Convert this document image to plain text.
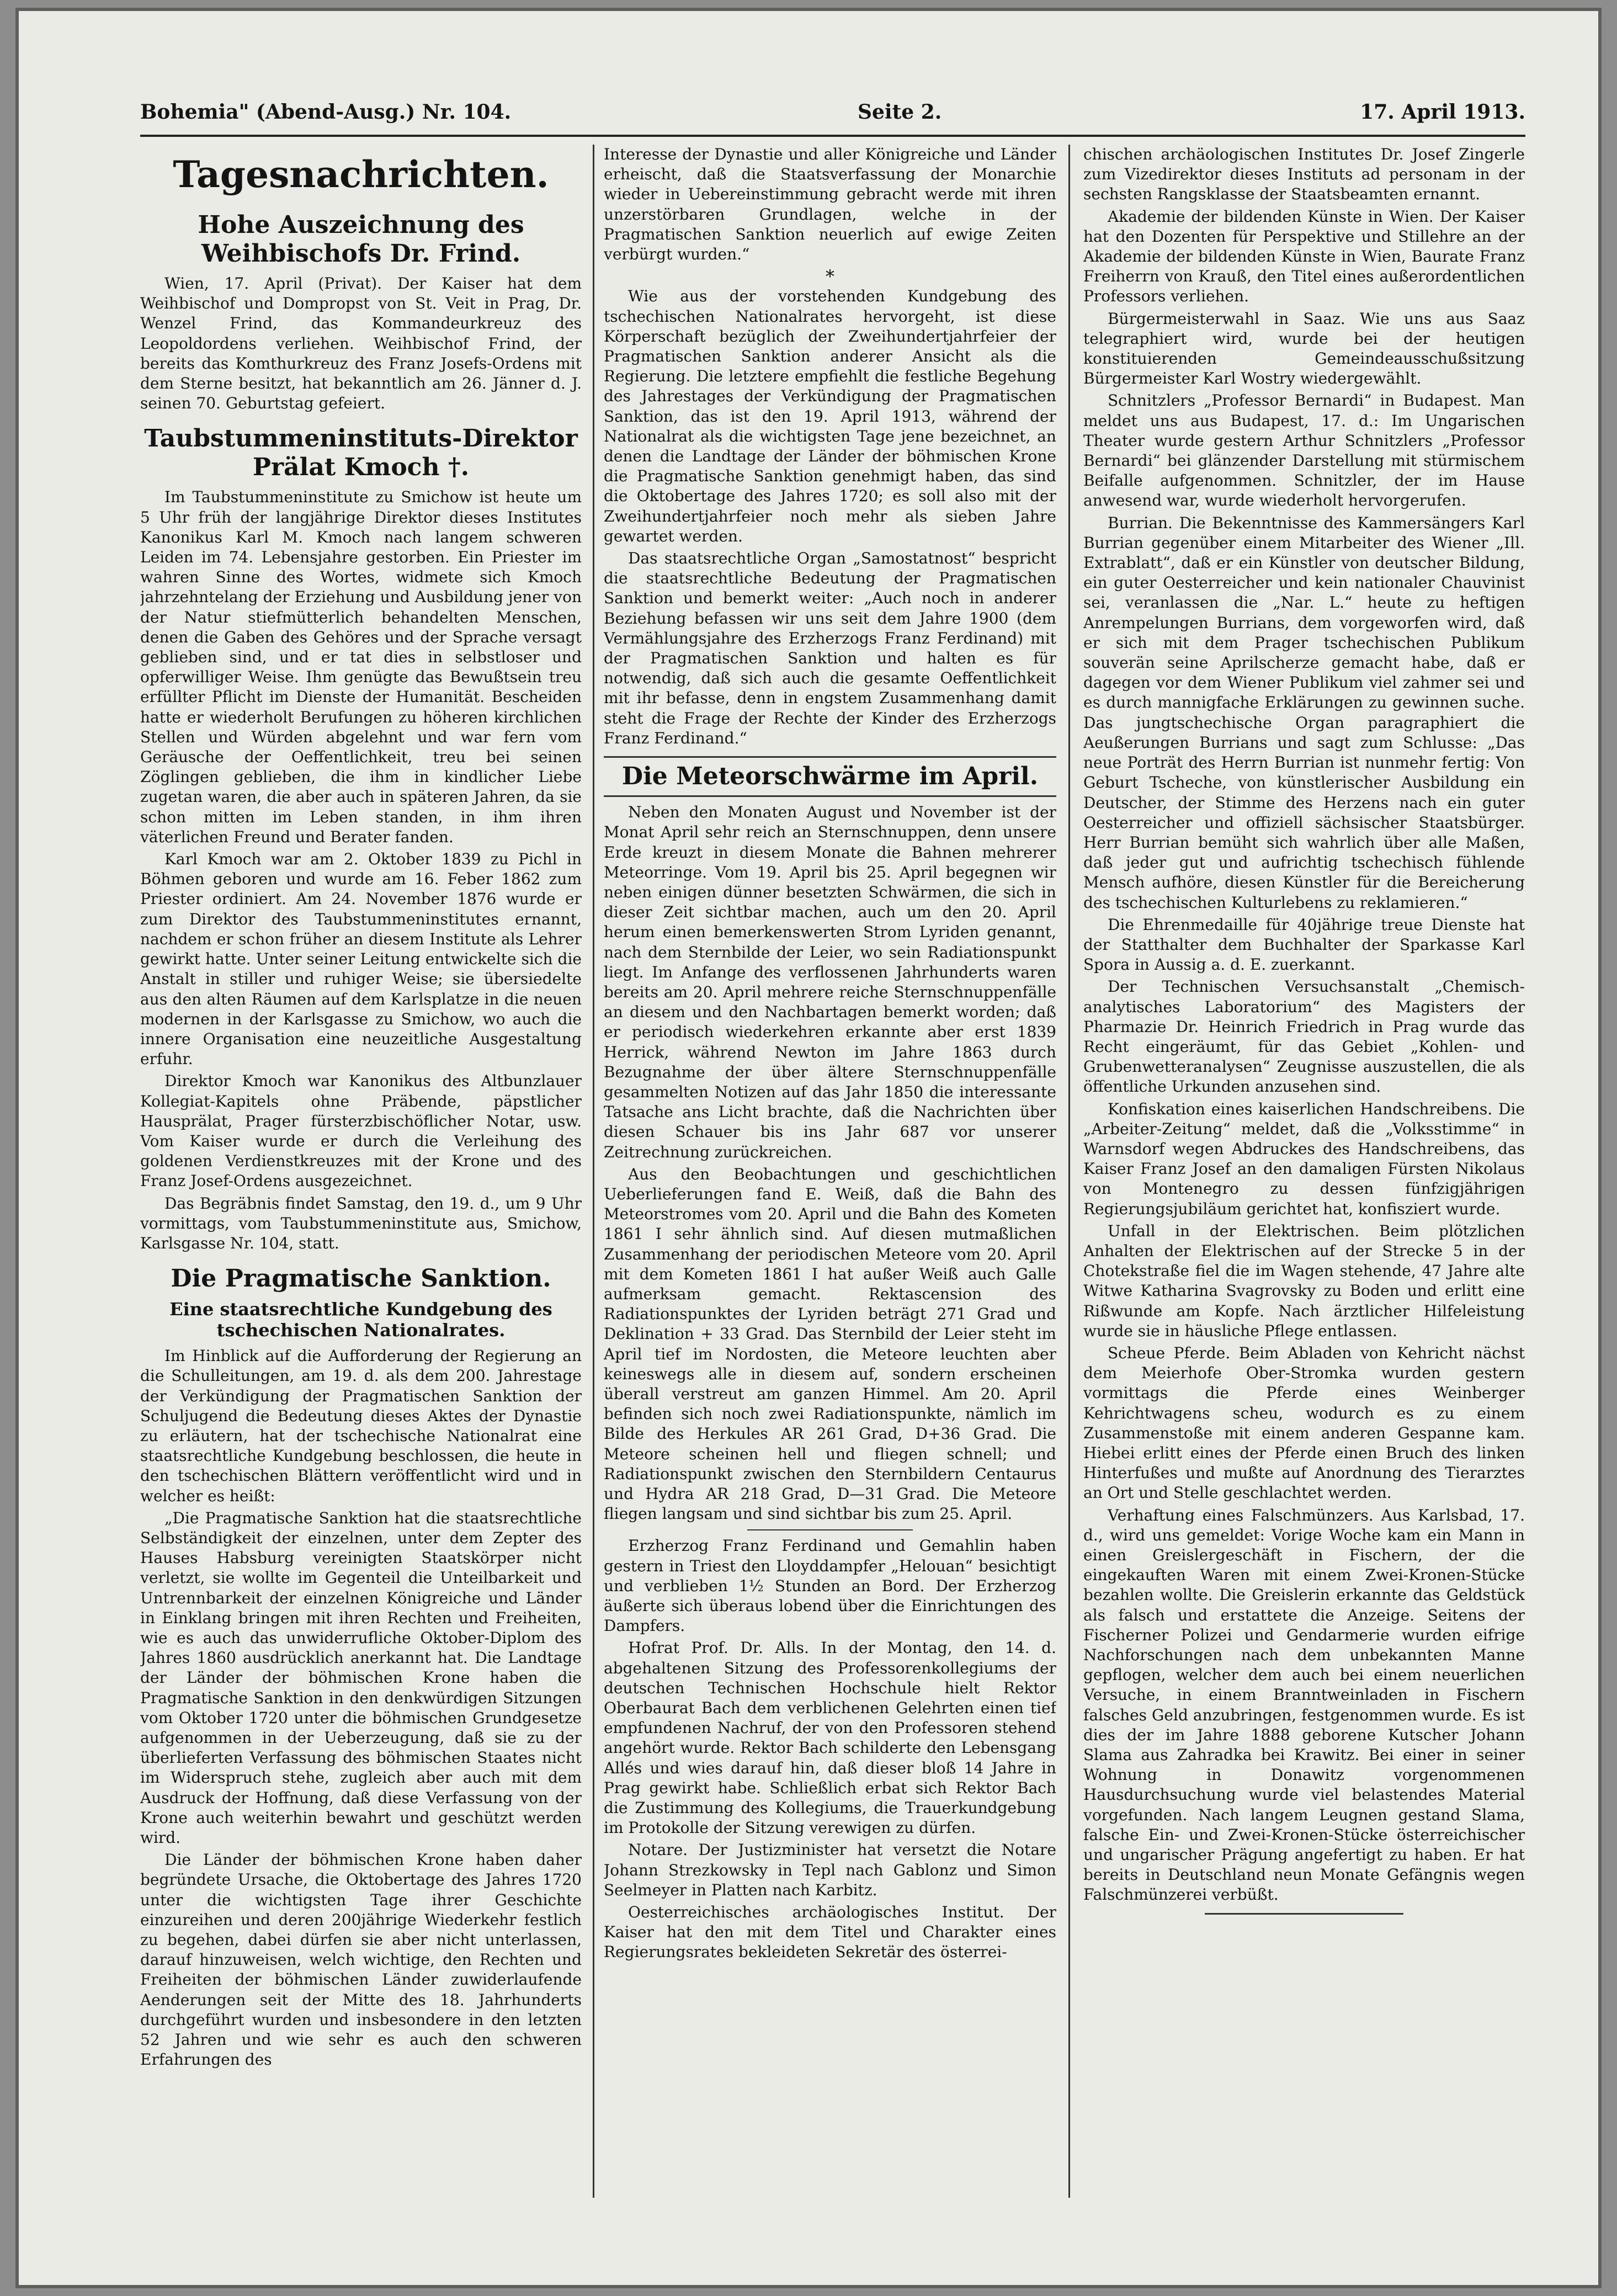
Bohemia" (Abend-Ausg.) Nr. 104.	Seite 2.	17. April 1913.
Tagesnachrichten.
Hohe Auszeichnung des Weihbischofs Dr. Frind.

Wien, 17. April (Privat). Der Kaiser hat dem Weihbischof und Dompropst von St. Veit in Prag, Dr. Wenzel Frind, das Kommandeurkreuz des Leopoldordens verliehen. Weihbischof Frind, der bereits das Komthurkreuz des Franz Josefs-Ordens mit dem Sterne besitzt, hat bekanntlich am 26. Jänner d. J. seinen 70. Geburtstag gefeiert.

Taubstummeninstituts-Direktor Prälat Kmoch †.

Im Taubstummeninstitute zu Smichow ist heute um 5 Uhr früh der langjährige Direktor dieses Institutes Kanonikus Karl M. Kmoch nach langem schweren Leiden im 74. Lebensjahre gestorben. Ein Priester im wahren Sinne des Wortes, widmete sich Kmoch jahrzehntelang der Erziehung und Ausbildung jener von der Natur stiefmütterlich behandelten Menschen, denen die Gaben des Gehöres und der Sprache versagt geblieben sind, und er tat dies in selbstloser und opferwilliger Weise. Ihm genügte das Bewußtsein treu erfüllter Pflicht im Dienste der Humanität. Bescheiden hatte er wiederholt Berufungen zu höheren kirchlichen Stellen und Würden abgelehnt und war fern vom Geräusche der Oeffentlichkeit, treu bei seinen Zöglingen geblieben, die ihm in kindlicher Liebe zugetan waren, die aber auch in späteren Jahren, da sie schon mitten im Leben standen, in ihm ihren väterlichen Freund und Berater fanden.

Karl Kmoch war am 2. Oktober 1839 zu Pichl in Böhmen geboren und wurde am 16. Feber 1862 zum Priester ordiniert. Am 24. November 1876 wurde er zum Direktor des Taubstummeninstitutes ernannt, nachdem er schon früher an diesem Institute als Lehrer gewirkt hatte. Unter seiner Leitung entwickelte sich die Anstalt in stiller und ruhiger Weise; sie übersiedelte aus den alten Räumen auf dem Karlsplatze in die neuen modernen in der Karlsgasse zu Smichow, wo auch die innere Organisation eine neuzeitliche Ausgestaltung erfuhr.

Direktor Kmoch war Kanonikus des Altbunzlauer Kollegiat-Kapitels ohne Präbende, päpstlicher Hausprälat, Prager fürsterzbischöflicher Notar, usw. Vom Kaiser wurde er durch die Verleihung des goldenen Verdienstkreuzes mit der Krone und des Franz Josef-Ordens ausgezeichnet.

Das Begräbnis findet Samstag, den 19. d., um 9 Uhr vormittags, vom Taubstummeninstitute aus, Smichow, Karlsgasse Nr. 104, statt.

Die Pragmatische Sanktion.
Eine staatsrechtliche Kundgebung des tschechischen Nationalrates.

Im Hinblick auf die Aufforderung der Regierung an die Schulleitungen, am 19. d. als dem 200. Jahrestage der Verkündigung der Pragmatischen Sanktion der Schuljugend die Bedeutung dieses Aktes der Dynastie zu erläutern, hat der tschechische Nationalrat eine staatsrechtliche Kundgebung beschlossen, die heute in den tschechischen Blättern veröffentlicht wird und in welcher es heißt:

„Die Pragmatische Sanktion hat die staatsrechtliche Selbständigkeit der einzelnen, unter dem Zepter des Hauses Habsburg vereinigten Staatskörper nicht verletzt, sie wollte im Gegenteil die Unteilbarkeit und Untrennbarkeit der einzelnen Königreiche und Länder in Einklang bringen mit ihren Rechten und Freiheiten, wie es auch das unwiderrufliche Oktober-Diplom des Jahres 1860 ausdrücklich anerkannt hat. Die Landtage der Länder der böhmischen Krone haben die Pragmatische Sanktion in den denkwürdigen Sitzungen vom Oktober 1720 unter die böhmischen Grundgesetze aufgenommen in der Ueberzeugung, daß sie zu der überlieferten Verfassung des böhmischen Staates nicht im Widerspruch stehe, zugleich aber auch mit dem Ausdruck der Hoffnung, daß diese Verfassung von der Krone auch weiterhin bewahrt und geschützt werden wird.

Die Länder der böhmischen Krone haben daher begründete Ursache, die Oktobertage des Jahres 1720 unter die wichtigsten Tage ihrer Geschichte einzureihen und deren 200jährige Wiederkehr festlich zu begehen, dabei dürfen sie aber nicht unterlassen, darauf hinzuweisen, welch wichtige, den Rechten und Freiheiten der böhmischen Länder zuwiderlaufende Aenderungen seit der Mitte des 18. Jahrhunderts durchgeführt wurden und insbesondere in den letzten 52 Jahren und wie sehr es auch den schweren Erfahrungen des

Interesse der Dynastie und aller Königreiche und Länder erheischt, daß die Staatsverfassung der Monarchie wieder in Uebereinstimmung gebracht werde mit ihren unzerstörbaren Grundlagen, welche in der Pragmatischen Sanktion neuerlich auf ewige Zeiten verbürgt wurden.“

*

Wie aus der vorstehenden Kundgebung des tschechischen Nationalrates hervorgeht, ist diese Körperschaft bezüglich der Zweihundertjahrfeier der Pragmatischen Sanktion anderer Ansicht als die Regierung. Die letztere empfiehlt die festliche Begehung des Jahrestages der Verkündigung der Pragmatischen Sanktion, das ist den 19. April 1913, während der Nationalrat als die wichtigsten Tage jene bezeichnet, an denen die Landtage der Länder der böhmischen Krone die Pragmatische Sanktion genehmigt haben, das sind die Oktobertage des Jahres 1720; es soll also mit der Zweihundertjahrfeier noch mehr als sieben Jahre gewartet werden.

Das staatsrechtliche Organ „Samostatnost“ bespricht die staatsrechtliche Bedeutung der Pragmatischen Sanktion und bemerkt weiter: „Auch noch in anderer Beziehung befassen wir uns seit dem Jahre 1900 (dem Vermählungsjahre des Erzherzogs Franz Ferdinand) mit der Pragmatischen Sanktion und halten es für notwendig, daß sich auch die gesamte Oeffentlichkeit mit ihr befasse, denn in engstem Zusammenhang damit steht die Frage der Rechte der Kinder des Erzherzogs Franz Ferdinand.“

Die Meteorschwärme im April.

Neben den Monaten August und November ist der Monat April sehr reich an Sternschnuppen, denn unsere Erde kreuzt in diesem Monate die Bahnen mehrerer Meteorringe. Vom 19. April bis 25. April begegnen wir neben einigen dünner besetzten Schwärmen, die sich in dieser Zeit sichtbar machen, auch um den 20. April herum einen bemerkenswerten Strom Lyriden genannt, nach dem Sternbilde der Leier, wo sein Radiationspunkt liegt. Im Anfange des verflossenen Jahrhunderts waren bereits am 20. April mehrere reiche Sternschnuppenfälle an diesem und den Nachbartagen bemerkt worden; daß er periodisch wiederkehren erkannte aber erst 1839 Herrick, während Newton im Jahre 1863 durch Bezugnahme der über ältere Sternschnuppenfälle gesammelten Notizen auf das Jahr 1850 die interessante Tatsache ans Licht brachte, daß die Nachrichten über diesen Schauer bis ins Jahr 687 vor unserer Zeitrechnung zurückreichen.

Aus den Beobachtungen und geschichtlichen Ueberlieferungen fand E. Weiß, daß die Bahn des Meteorstromes vom 20. April und die Bahn des Kometen 1861 I sehr ähnlich sind. Auf diesen mutmaßlichen Zusammenhang der periodischen Meteore vom 20. April mit dem Kometen 1861 I hat außer Weiß auch Galle aufmerksam gemacht. Rektascension des Radiationspunktes der Lyriden beträgt 271 Grad und Deklination + 33 Grad. Das Sternbild der Leier steht im April tief im Nordosten, die Meteore leuchten aber keineswegs alle in diesem auf, sondern erscheinen überall verstreut am ganzen Himmel. Am 20. April befinden sich noch zwei Radiationspunkte, nämlich im Bilde des Herkules AR 261 Grad, D+36 Grad. Die Meteore scheinen hell und fliegen schnell; und Radiationspunkt zwischen den Sternbildern Centaurus und Hydra AR 218 Grad, D—31 Grad. Die Meteore fliegen langsam und sind sichtbar bis zum 25. April.

Erzherzog Franz Ferdinand und Gemahlin haben gestern in Triest den Lloyddampfer „Helouan“ besichtigt und verblieben 1½ Stunden an Bord. Der Erzherzog äußerte sich überaus lobend über die Einrichtungen des Dampfers.

Hofrat Prof. Dr. Alls. In der Montag, den 14. d. abgehaltenen Sitzung des Professorenkollegiums der deutschen Technischen Hochschule hielt Rektor Oberbaurat Bach dem verblichenen Gelehrten einen tief empfundenen Nachruf, der von den Professoren stehend angehört wurde. Rektor Bach schilderte den Lebensgang Allés und wies darauf hin, daß dieser bloß 14 Jahre in Prag gewirkt habe. Schließlich erbat sich Rektor Bach die Zustimmung des Kollegiums, die Trauerkundgebung im Protokolle der Sitzung verewigen zu dürfen.

Notare. Der Justizminister hat versetzt die Notare Johann Strezkowsky in Tepl nach Gablonz und Simon Seelmeyer in Platten nach Karbitz.

Oesterreichisches archäologisches Institut. Der Kaiser hat den mit dem Titel und Charakter eines Regierungsrates bekleideten Sekretär des österrei-

chischen archäologischen Institutes Dr. Josef Zingerle zum Vizedirektor dieses Instituts ad personam in der sechsten Rangsklasse der Staatsbeamten ernannt.

Akademie der bildenden Künste in Wien. Der Kaiser hat den Dozenten für Perspektive und Stillehre an der Akademie der bildenden Künste in Wien, Baurate Franz Freiherrn von Krauß, den Titel eines außerordentlichen Professors verliehen.

Bürgermeisterwahl in Saaz. Wie uns aus Saaz telegraphiert wird, wurde bei der heutigen konstituierenden Gemeindeausschußsitzung Bürgermeister Karl Wostry wiedergewählt.

Schnitzlers „Professor Bernardi“ in Budapest. Man meldet uns aus Budapest, 17. d.: Im Ungarischen Theater wurde gestern Arthur Schnitzlers „Professor Bernardi“ bei glänzender Darstellung mit stürmischem Beifalle aufgenommen. Schnitzler, der im Hause anwesend war, wurde wiederholt hervorgerufen.

Burrian. Die Bekenntnisse des Kammersängers Karl Burrian gegenüber einem Mitarbeiter des Wiener „Ill. Extrablatt“, daß er ein Künstler von deutscher Bildung, ein guter Oesterreicher und kein nationaler Chauvinist sei, veranlassen die „Nar. L.“ heute zu heftigen Anrempelungen Burrians, dem vorgeworfen wird, daß er sich mit dem Prager tschechischen Publikum souverän seine Aprilscherze gemacht habe, daß er dagegen vor dem Wiener Publikum viel zahmer sei und es durch mannigfache Erklärungen zu gewinnen suche. Das jungtschechische Organ paragraphiert die Aeußerungen Burrians und sagt zum Schlusse: „Das neue Porträt des Herrn Burrian ist nunmehr fertig: Von Geburt Tscheche, von künstlerischer Ausbildung ein Deutscher, der Stimme des Herzens nach ein guter Oesterreicher und offiziell sächsischer Staatsbürger. Herr Burrian bemüht sich wahrlich über alle Maßen, daß jeder gut und aufrichtig tschechisch fühlende Mensch aufhöre, diesen Künstler für die Bereicherung des tschechischen Kulturlebens zu reklamieren.“

Die Ehrenmedaille für 40jährige treue Dienste hat der Statthalter dem Buchhalter der Sparkasse Karl Spora in Aussig a. d. E. zuerkannt.

Der Technischen Versuchsanstalt „Chemisch-analytisches Laboratorium“ des Magisters der Pharmazie Dr. Heinrich Friedrich in Prag wurde das Recht eingeräumt, für das Gebiet „Kohlen- und Grubenwetteranalysen“ Zeugnisse auszustellen, die als öffentliche Urkunden anzusehen sind.

Konfiskation eines kaiserlichen Handschreibens. Die „Arbeiter-Zeitung“ meldet, daß die „Volksstimme“ in Warnsdorf wegen Abdruckes des Handschreibens, das Kaiser Franz Josef an den damaligen Fürsten Nikolaus von Montenegro zu dessen fünfzigjährigen Regierungsjubiläum gerichtet hat, konfisziert wurde.

Unfall in der Elektrischen. Beim plötzlichen Anhalten der Elektrischen auf der Strecke 5 in der Chotekstraße fiel die im Wagen stehende, 47 Jahre alte Witwe Katharina Svagrovsky zu Boden und erlitt eine Rißwunde am Kopfe. Nach ärztlicher Hilfeleistung wurde sie in häusliche Pflege entlassen.

Scheue Pferde. Beim Abladen von Kehricht nächst dem Meierhofe Ober-Stromka wurden gestern vormittags die Pferde eines Weinberger Kehrichtwagens scheu, wodurch es zu einem Zusammenstoße mit einem anderen Gespanne kam. Hiebei erlitt eines der Pferde einen Bruch des linken Hinterfußes und mußte auf Anordnung des Tierarztes an Ort und Stelle geschlachtet werden.

Verhaftung eines Falschmünzers. Aus Karlsbad, 17. d., wird uns gemeldet: Vorige Woche kam ein Mann in einen Greislergeschäft in Fischern, der die eingekauften Waren mit einem Zwei-Kronen-Stücke bezahlen wollte. Die Greislerin erkannte das Geldstück als falsch und erstattete die Anzeige. Seitens der Fischerner Polizei und Gendarmerie wurden eifrige Nachforschungen nach dem unbekannten Manne gepflogen, welcher dem auch bei einem neuerlichen Versuche, in einem Branntweinladen in Fischern falsches Geld anzubringen, festgenommen wurde. Es ist dies der im Jahre 1888 geborene Kutscher Johann Slama aus Zahradka bei Krawitz. Bei einer in seiner Wohnung in Donawitz vorgenommenen Hausdurchsuchung wurde viel belastendes Material vorgefunden. Nach langem Leugnen gestand Slama, falsche Ein- und Zwei-Kronen-Stücke österreichischer und ungarischer Prägung angefertigt zu haben. Er hat bereits in Deutschland neun Monate Gefängnis wegen Falschmünzerei verbüßt.
